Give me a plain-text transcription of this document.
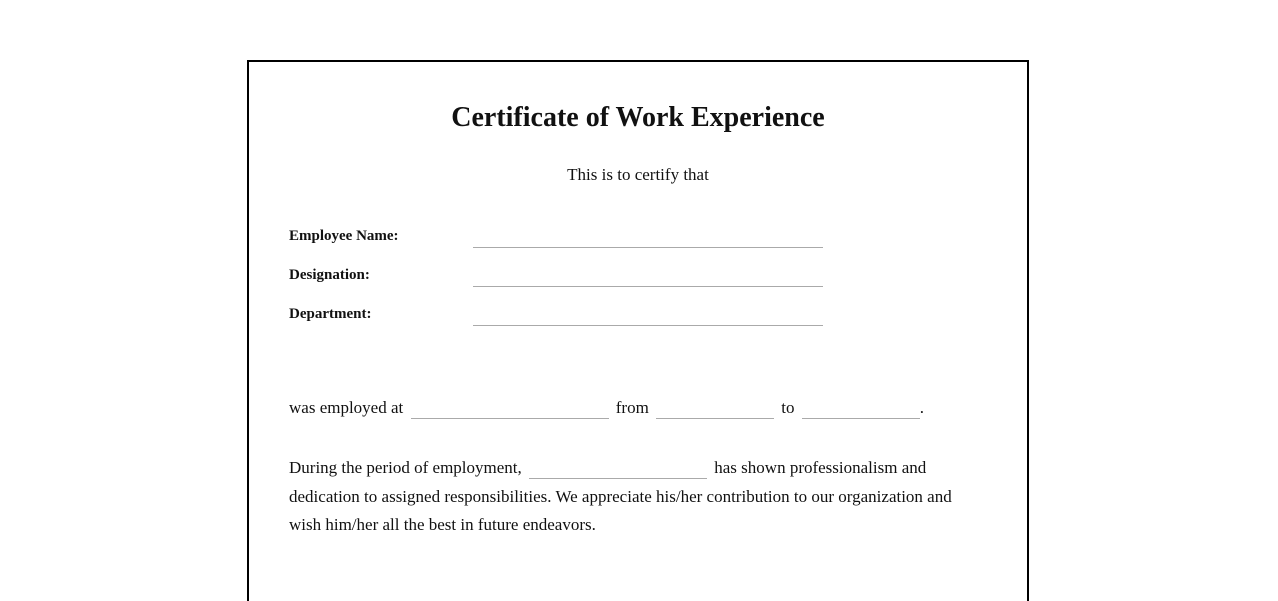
Certificate of Work Experience
This is to certify that
Employee Name:
Designation:
Department:
was employed at	from	to	.
During the period of employment,	has shown professionalism and dedication to assigned responsibilities. We appreciate his/her contribution to our organization and wish him/her all the best in future endeavors.
